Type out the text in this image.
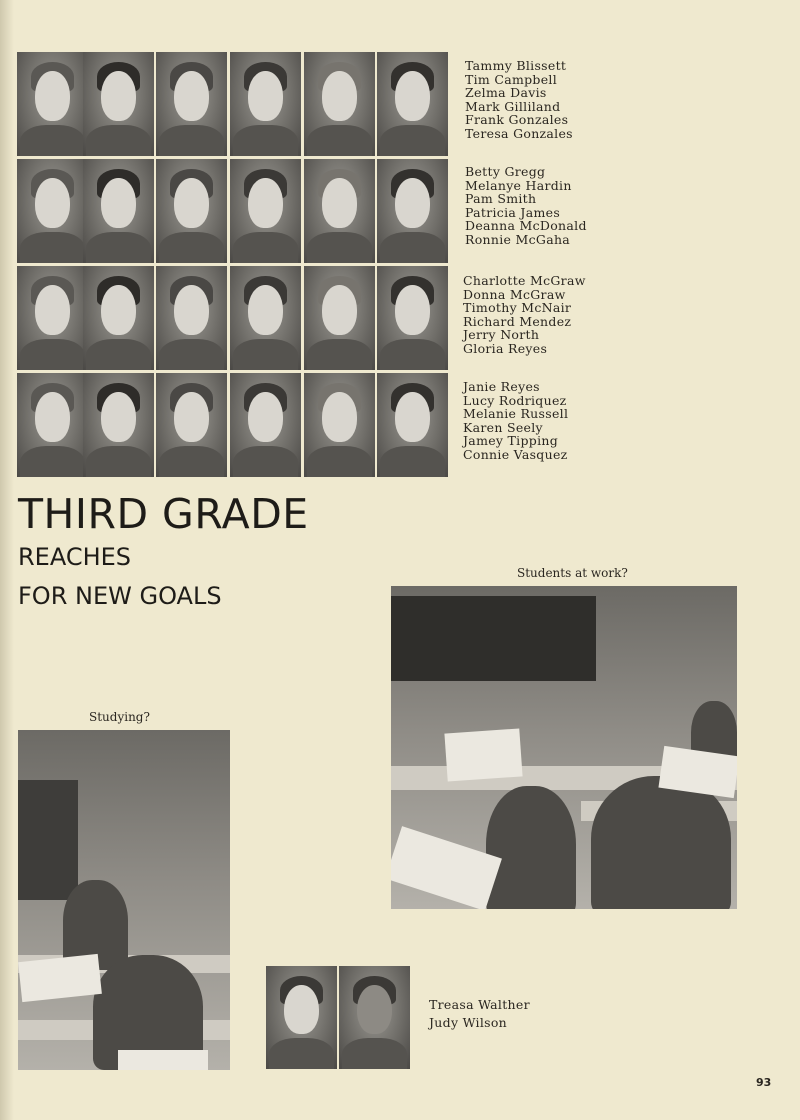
Tammy Blissett
Tim Campbell
Zelma Davis
Mark Gilliland
Frank Gonzales
Teresa Gonzales
Betty Gregg
Melanye Hardin
Pam Smith
Patricia James
Deanna McDonald
Ronnie McGaha
Charlotte McGraw
Donna McGraw
Timothy McNair
Richard Mendez
Jerry North
Gloria Reyes
Janie Reyes
Lucy Rodriquez
Melanie Russell
Karen Seely
Jamey Tipping
Connie Vasquez
THIRD GRADE
REACHES
FOR NEW GOALS
Students at work?
Studying?
Treasa Walther
Judy Wilson
93
